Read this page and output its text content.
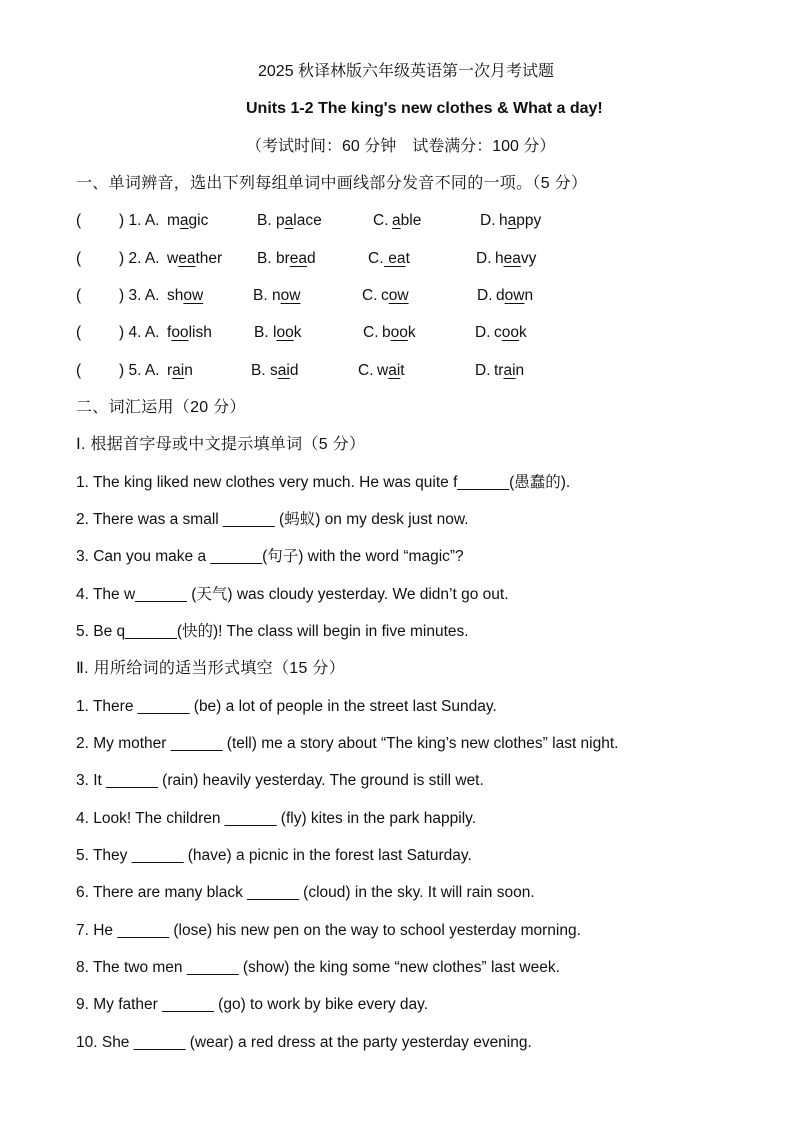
2025 秋译林版六年级英语第一次月考试题
Units 1-2 The king's new clothes & What a day!
（考试时间：60 分钟　试卷满分：100 分）
一、单词辨音，选出下列每组单词中画线部分发音不同的一项。（5 分）
( ) 1. A. magic	B. palace	C. able	D. happy
( ) 2. A. weather B. bread	C. eat	D. heavy
( ) 3. A. show	B. now	C. cow	D. down
( ) 4. A. foolish	B. look	C. book	D. cook
( ) 5. A. rain	B. said	C. wait	D. train
二、词汇运用（20 分）
Ⅰ. 根据首字母或中文提示填单词（5 分）
1. The king liked new clothes very much. He was quite f______(愚蠢的).
2. There was a small ______ (蚂蚁) on my desk just now.
3. Can you make a ______(句子) with the word “magic”?
4. The w______ (天气) was cloudy yesterday. We didn’t go out.
5. Be q______(快的)! The class will begin in five minutes.
Ⅱ. 用所给词的适当形式填空（15 分）
1. There ______ (be) a lot of people in the street last Sunday.
2. My mother ______ (tell) me a story about “The king’s new clothes” last night.
3. It ______ (rain) heavily yesterday. The ground is still wet.
4. Look! The children ______ (fly) kites in the park happily.
5. They ______ (have) a picnic in the forest last Saturday.
6. There are many black ______ (cloud) in the sky. It will rain soon.
7. He ______ (lose) his new pen on the way to school yesterday morning.
8. The two men ______ (show) the king some “new clothes” last week.
9. My father ______ (go) to work by bike every day.
10. She ______ (wear) a red dress at the party yesterday evening.
